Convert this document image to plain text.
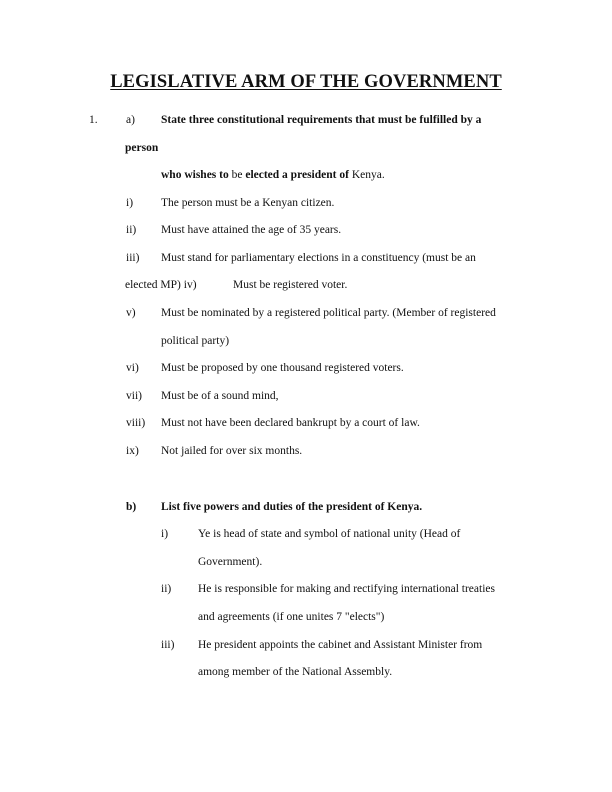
LEGISLATIVE ARM OF THE GOVERNMENT
1. a) State three constitutional requirements that must be fulfilled by a
person
who wishes to be elected a president of Kenya.
i) The person must be a Kenyan citizen.
ii) Must have attained the age of 35 years.
iii) Must stand for parliamentary elections in a constituency (must be an
elected MP) iv)	Must be registered voter.
v) Must be nominated by a registered political party. (Member of registered
political party)
vi) Must be proposed by one thousand registered voters.
vii) Must be of a sound mind,
viii) Must not have been declared bankrupt by a court of law.
ix) Not jailed for over six months.
b) List five powers and duties of the president of Kenya.
i)	Ye is head of state and symbol of national unity (Head of
Government).
ii) He is responsible for making and rectifying international treaties
and agreements (if one unites 7 "elects")
iii) He president appoints the cabinet and Assistant Minister from
among member of the National Assembly.
